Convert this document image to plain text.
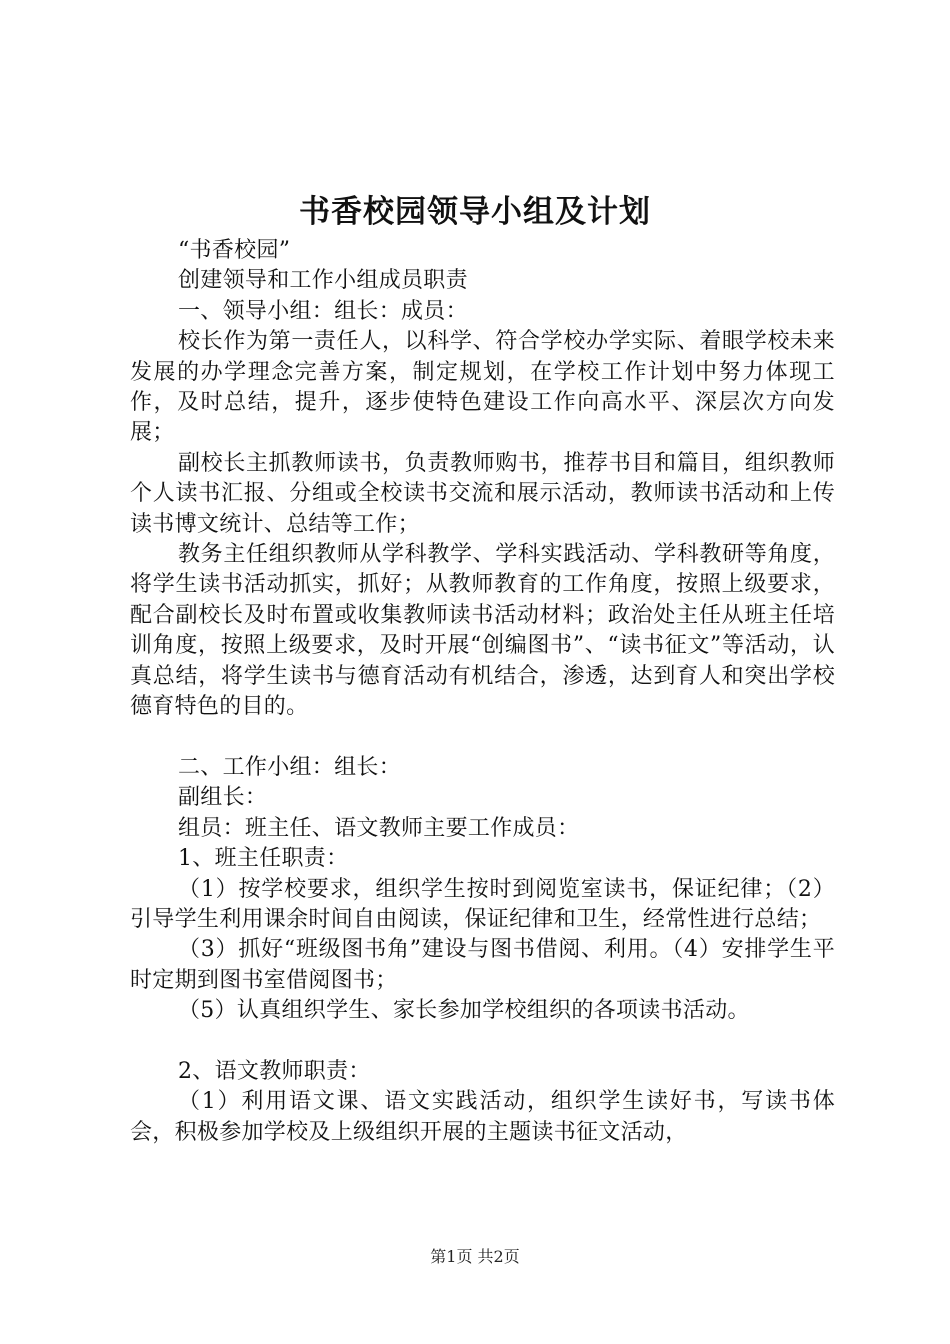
书香校园领导小组及计划

“书香校园”

创建领导和工作小组成员职责

一、领导小组：组长：成员：

校长作为第一责任人，以科学、符合学校办学实际、着眼学校未来发展的办学理念完善方案，制定规划，在学校工作计划中努力体现工作，及时总结，提升，逐步使特色建设工作向高水平、深层次方向发展；

副校长主抓教师读书，负责教师购书，推荐书目和篇目，组织教师个人读书汇报、分组或全校读书交流和展示活动，教师读书活动和上传读书博文统计、总结等工作；

教务主任组织教师从学科教学、学科实践活动、学科教研等角度，将学生读书活动抓实，抓好；从教师教育的工作角度，按照上级要求，配合副校长及时布置或收集教师读书活动材料；政治处主任从班主任培训角度，按照上级要求，及时开展“创编图书”、“读书征文”等活动，认真总结，将学生读书与德育活动有机结合，渗透，达到育人和突出学校德育特色的目的。

二、工作小组：组长：

副组长：

组员：班主任、语文教师主要工作成员：

1、班主任职责：

（1）按学校要求，组织学生按时到阅览室读书，保证纪律；（2）引导学生利用课余时间自由阅读，保证纪律和卫生，经常性进行总结；

（3）抓好“班级图书角”建设与图书借阅、利用。（4）安排学生平时定期到图书室借阅图书；

（5）认真组织学生、家长参加学校组织的各项读书活动。

2、语文教师职责：

（1）利用语文课、语文实践活动，组织学生读好书，写读书体会，积极参加学校及上级组织开展的主题读书征文活动，

第1页 共2页
